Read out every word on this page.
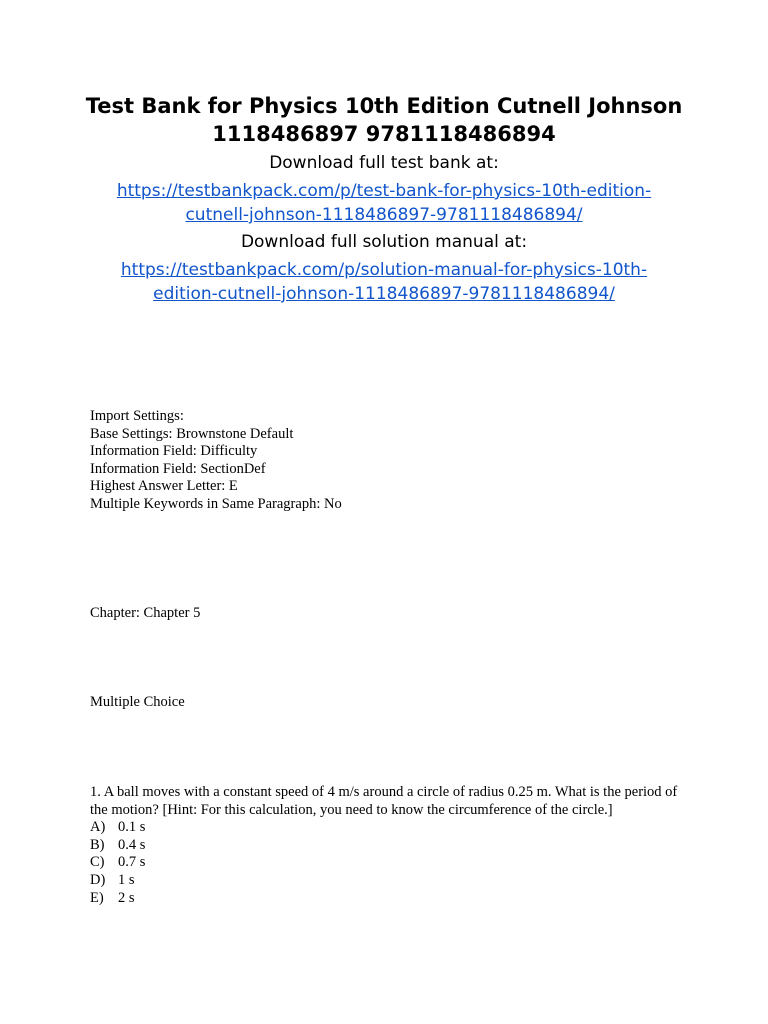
Test Bank for Physics 10th Edition Cutnell Johnson
1118486897 9781118486894
Download full test bank at:
https://testbankpack.com/p/test-bank-for-physics-10th-edition-
cutnell-johnson-1118486897-9781118486894/
Download full solution manual at:
https://testbankpack.com/p/solution-manual-for-physics-10th-
edition-cutnell-johnson-1118486897-9781118486894/
Import Settings:
Base Settings: Brownstone Default
Information Field: Difficulty
Information Field: SectionDef
Highest Answer Letter: E
Multiple Keywords in Same Paragraph: No
Chapter: Chapter 5
Multiple Choice

1. A ball moves with a constant speed of 4 m/s around a circle of radius 0.25 m. What is the period of the motion? [Hint: For this calculation, you need to know the circumference of the circle.]

A) 0.1 s
B) 0.4 s
C) 0.7 s
D) 1 s
E) 2 s
